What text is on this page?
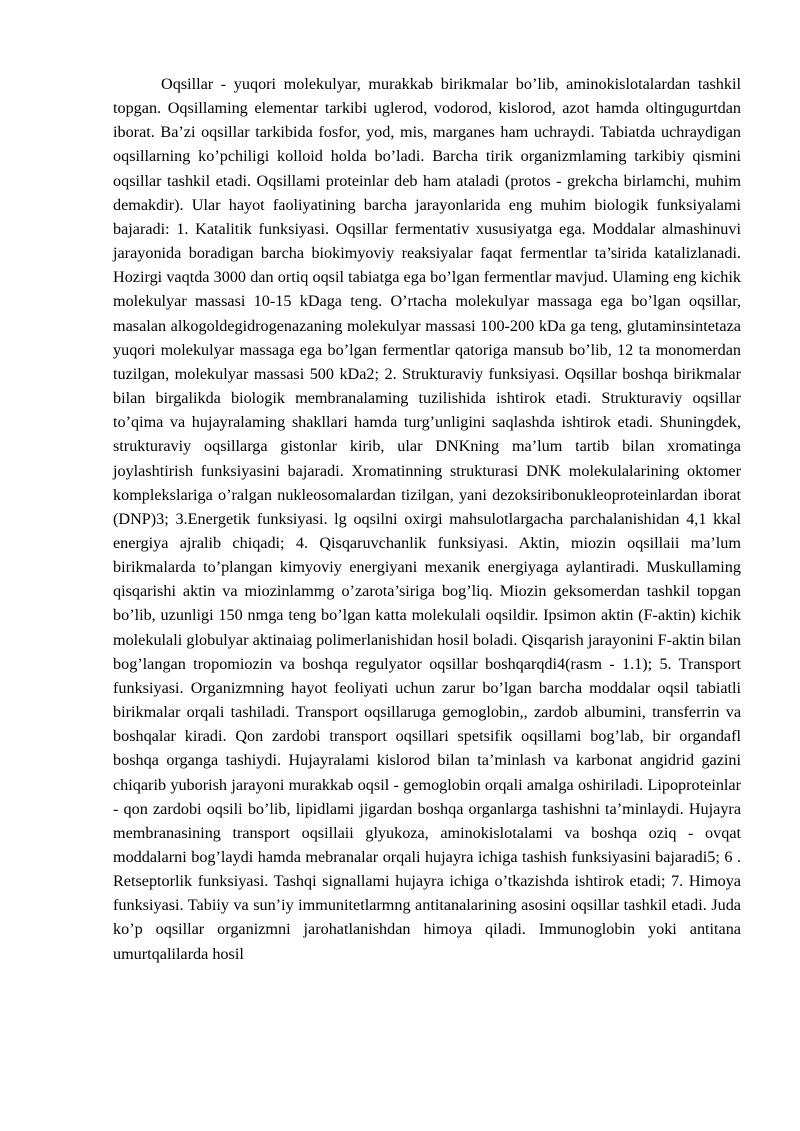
Oqsillar - yuqori molekulyar, murakkab birikmalar bo’lib, aminokislotalardan tashkil topgan. Oqsillaming elementar tarkibi uglerod, vodorod, kislorod, azot hamda oltingugurtdan iborat. Ba’zi oqsillar tarkibida fosfor, yod, mis, marganes ham uchraydi. Tabiatda uchraydigan oqsillarning ko’pchiligi kolloid holda bo’ladi. Barcha tirik organizmlaming tarkibiy qismini oqsillar tashkil etadi. Oqsillami proteinlar deb ham ataladi (protos - grekcha birlamchi, muhim demakdir). Ular hayot faoliyatining barcha jarayonlarida eng muhim biologik funksiyalami bajaradi: 1. Katalitik funksiyasi. Oqsillar fermentativ xususiyatga ega. Moddalar almashinuvi jarayonida boradigan barcha biokimyoviy reaksiyalar faqat fermentlar ta’sirida katalizlanadi. Hozirgi vaqtda 3000 dan ortiq oqsil tabiatga ega bo’lgan fermentlar mavjud. Ulaming eng kichik molekulyar massasi 10-15 kDaga teng. O’rtacha molekulyar massaga ega bo’lgan oqsillar, masalan alkogoldegidrogenazaning molekulyar massasi 100-200 kDa ga teng, glutaminsintetaza yuqori molekulyar massaga ega bo’lgan fermentlar qatoriga mansub bo’lib, 12 ta monomerdan tuzilgan, molekulyar massasi 500 kDa2; 2. Strukturaviy funksiyasi. Oqsillar boshqa birikmalar bilan birgalikda biologik membranalaming tuzilishida ishtirok etadi. Strukturaviy oqsillar to’qima va hujayralaming shakllari hamda turg’unligini saqlashda ishtirok etadi. Shuningdek, strukturaviy oqsillarga gistonlar kirib, ular DNKning ma’lum tartib bilan xromatinga joylashtirish funksiyasini bajaradi. Xromatinning strukturasi DNK molekulalarining oktomer komplekslariga o’ralgan nukleosomalardan tizilgan, yani dezoksiribonukleoproteinlardan iborat (DNP)3; 3.Energetik funksiyasi. lg oqsilni oxirgi mahsulotlargacha parchalanishidan 4,1 kkal energiya ajralib chiqadi; 4. Qisqaruvchanlik funksiyasi. Aktin, miozin oqsillaii ma’lum birikmalarda to’plangan kimyoviy energiyani mexanik energiyaga aylantiradi. Muskullaming qisqarishi aktin va miozinlammg o’zarota’siriga bog’liq. Miozin geksomerdan tashkil topgan bo’lib, uzunligi 150 nmga teng bo’lgan katta molekulali oqsildir. Ipsimon aktin (F-aktin) kichik molekulali globulyar aktinaiag polimerlanishidan hosil boladi. Qisqarish jarayonini F-aktin bilan bog’langan tropomiozin va boshqa regulyator oqsillar boshqarqdi4(rasm - 1.1); 5. Transport funksiyasi. Organizmning hayot feoliyati uchun zarur bo’lgan barcha moddalar oqsil tabiatli birikmalar orqali tashiladi. Transport oqsillaruga gemoglobin,, zardob albumini, transferrin va boshqalar kiradi. Qon zardobi transport oqsillari spetsifik oqsillami bog’lab, bir organdafl boshqa organga tashiydi. Hujayralami kislorod bilan ta’minlash va karbonat angidrid gazini chiqarib yuborish jarayoni murakkab oqsil - gemoglobin orqali amalga oshiriladi. Lipoproteinlar - qon zardobi oqsili bo’lib, lipidlami jigardan boshqa organlarga tashishni ta’minlaydi. Hujayra membranasining transport oqsillaii glyukoza, aminokislotalami va boshqa oziq - ovqat moddalarni bog’laydi hamda mebranalar orqali hujayra ichiga tashish funksiyasini bajaradi5; 6 . Retseptorlik funksiyasi. Tashqi signallami hujayra ichiga o’tkazishda ishtirok etadi; 7. Himoya funksiyasi. Tabiiy va sun’iy immunitetlarmng antitanalarining asosini oqsillar tashkil etadi. Juda ko’p oqsillar organizmni jarohatlanishdan himoya qiladi. Immunoglobin yoki antitana umurtqalilarda hosil
